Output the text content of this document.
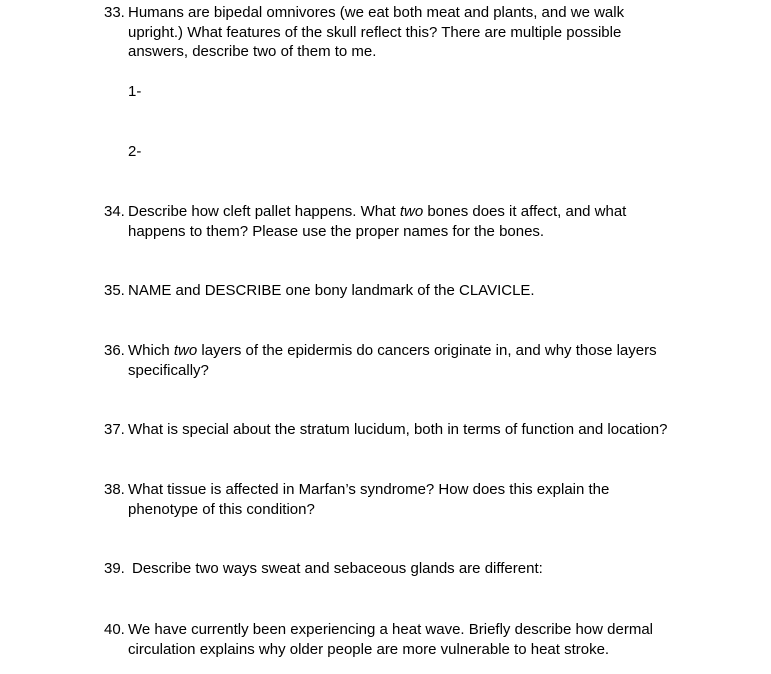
33. Humans are bipedal omnivores (we eat both meat and plants, and we walk
upright.) What features of the skull reflect this? There are multiple possible
answers, describe two of them to me.
1-
2-
34. Describe how cleft pallet happens. What two bones does it affect, and what
happens to them? Please use the proper names for the bones.
35. NAME and DESCRIBE one bony landmark of the CLAVICLE.
36. Which two layers of the epidermis do cancers originate in, and why those layers
specifically?
37. What is special about the stratum lucidum, both in terms of function and location?
38. What tissue is affected in Marfan’s syndrome? How does this explain the
phenotype of this condition?
39. Describe two ways sweat and sebaceous glands are different:
40. We have currently been experiencing a heat wave. Briefly describe how dermal
circulation explains why older people are more vulnerable to heat stroke.
